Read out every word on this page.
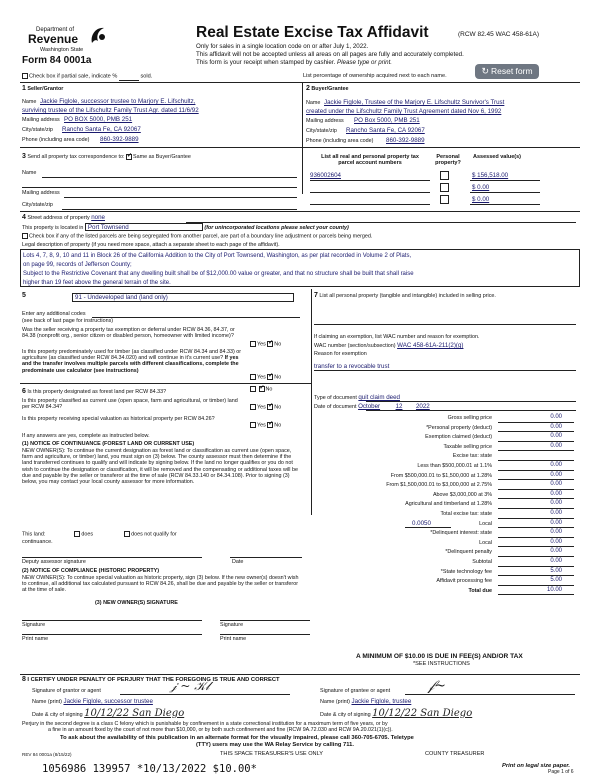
Department of
Revenue
Washington State
Form 84 0001a
Real Estate Excise Tax Affidavit	(RCW 82.45 WAC 458-61A)
Only for sales in a single location code on or after July 1, 2022.
This affidavit will not be accepted unless all areas on all pages are fully and accurately completed.
This form is your receipt when stamped by cashier. Please type or print.
↻ Reset form
Check box if partial sale, indicate %	sold.	List percentage of ownership acquired next to each name.
1 Seller/Grantor
Name Jackie Figlole, successor trustee to Marjory E. Lifschultz,
surviving trustee of the Lifschultz Family Trust Agr. dated 11/6/92
Mailing address PO BOX 5000, PMB 251
City/state/zip Rancho Santa Fe, CA 92067
Phone (including area code) 860-392-9889
2 Buyer/Grantee
Name Jackie Figlole, Trustee of the Marjory E. Lifschultz Survivor's Trust
created under the Lifschultz Family Trust Agreement dated Nov 6, 1992
Mailing address PO Box 5000, PMB 251
City/state/zip Rancho Santa Fe, CA 92067
Phone (including area code) 860-392-9889
3 Send all property tax correspondence to: ✓ Same as Buyer/Grantee
Name
Mailing address
City/state/zip
List all real and personal property tax parcel account numbers
Personal property?
Assessed value(s)
936002604	$ 156,518.00
$ 0.00
$ 0.00
4 Street address of property none
This property is located in Port Townsend	(for unincorporated locations please select your county)
Check box if any of the listed parcels are being segregated from another parcel, are part of a boundary line adjustment or parcels being merged.
Legal description of property (if you need more space, attach a separate sheet to each page of the affidavit).
Lots 4, 7, 8, 9, 10 and 11 in Block 26 of the California Addition to the City of Port Townsend, Washington, as per plat recorded in Volume 2 of Plats,
on page 99, records of Jefferson County;
Subject to the Restrictive Covenant that any dwelling built shall be of $12,000.00 value or greater, and that no structure shall be built that shall raise
higher than 19 feet above the general terrain of the site.
5	91 - Undeveloped land (land only)
Enter any additional codes
(see back of last page for instructions)
Was the seller receiving a property tax exemption or deferral under RCW 84.36, 84.37, or 84.38 (nonprofit org., senior citizen or disabled person, homeowner with limited income)?
Yes ✓ No
Is this property predominately used for timber (as classified under RCW 84.34 and 84.33) or agriculture (as classified under RCW 84.34.020) and will continue in it's current use? If yes and the transfer involves multiple parcels with different classifications, complete the predominate use calculator (see instructions)
Yes ✓ No
6 Is this property designated as forest land per RCW 84.33? ✓	No
Is this property classified as current use (open space, farm and agricultural, or timber) land per RCW 84.34?	Yes ✓ No
Is this property receiving special valuation as historical property per RCW 84.26?
Yes ✓ No
If any answers are yes, complete as instructed below.
(1) NOTICE OF CONTINUANCE (FOREST LAND OR CURRENT USE)
NEW OWNER(S): To continue the current designation as forest land or classification as current use (open space, farm and agriculture, or timber) land, you must sign on (3) below. The county assessor must then determine if the land transferred continues to qualify and will indicate by signing below. If the land no longer qualifies or you do not wish to continue the designation or classification, it will be removed and the compensating or additional taxes will be due and payable by the seller or transferor at the time of sale (RCW 84.33.140 or 84.34.108). Prior to signing (3) below, you may contact your local county assessor for more information.
This land:	does	does not qualify for
continuance.
Deputy assessor signature	Date
(2) NOTICE OF COMPLIANCE (HISTORIC PROPERTY)
NEW OWNER(S): To continue special valuation as historic property, sign (3) below. If the new owner(s) doesn't wish to continue, all additional tax calculated pursuant to RCW 84.26, shall be due and payable by the seller or transferor at the time of sale.
(3) NEW OWNER(S) SIGNATURE
Signature	Signature
Print name	Print name
7 List all personal property (tangible and intangible) included in selling price.
If claiming an exemption, list WAC number and reason for exemption.
WAC number (section/subsection) WAC 458-61A-211(2)(g)
Reason for exemption
transfer to a revocable trust
Type of document quit claim deed
Date of document October	12 2022
Gross selling price	0.00
*Personal property (deduct)	0.00
Exemption claimed (deduct)	0.00
Taxable selling price	0.00
Excise tax: state
Less than $500,000.01 at 1.1%	0.00
From $500,000.01 to $1,500,000 at 1.28%	0.00
From $1,500,000.01 to $3,000,000 at 2.75%	0.00
Above $3,000,000 at 3%	0.00
Agricultural and timberland at 1.28%	0.00
Total excise tax: state	0.00
0.0050	Local	0.00
*Delinquent interest: state	0.00
Local	0.00
*Delinquent penalty	0.00
Subtotal	0.00
*State technology fee	5.00
Affidavit processing fee	5.00
Total due	10.00
A MINIMUM OF $10.00 IS DUE IN FEE(S) AND/OR TAX
*SEE INSTRUCTIONS
8 I CERTIFY UNDER PENALTY OF PERJURY THAT THE FOREGOING IS TRUE AND CORRECT
Signature of grantor or agent	𝒿 ~ 𝒦𝓁	Signature of grantee or agent	𝒻~
Name (print) Jackie Figlole, successor trustee	Name (print) Jackie Figlole, trustee
Date & city of signing 10/12/22 San Diego	Date & city of signing 10/12/22 San Diego
Perjury in the second degree is a class C felony which is punishable by confinement in a state correctional institution for a maximum term of five years, or by
a fine in an amount fixed by the court of not more than $10,000, or by both such confinement and fine (RCW 9A.72.030 and RCW 9A.20.021(1)(c)).
To ask about the availability of this publication in an alternate format for the visually impaired, please call 360-705-6705. Teletype
(TTY) users may use the WA Relay Service by calling 711.
REV 84 0001a (8/15/22)	THIS SPACE TREASURER'S USE ONLY	COUNTY TREASURER
1056986 139957 *10/13/2022 $10.00*	Print on legal size paper.
Page 1 of 6
